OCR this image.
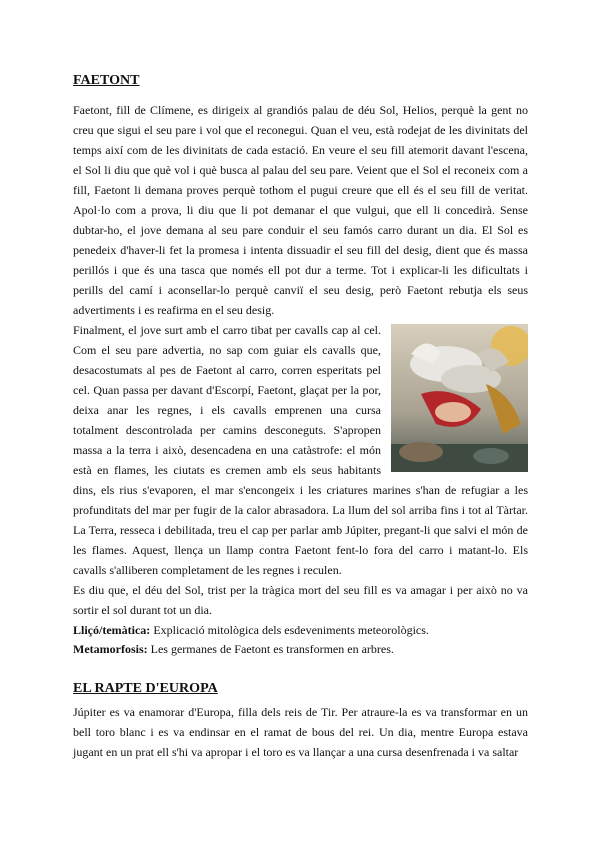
FAETONT

Faetont, fill de Clímene, es dirigeix al grandiós palau de déu Sol, Helios, perquè la gent no creu que sigui el seu pare i vol que el reconegui. Quan el veu, està rodejat de les divinitats del temps així com de les divinitats de cada estació. En veure el seu fill atemorit davant l'escena, el Sol li diu que què vol i què busca al palau del seu pare. Veient que el Sol el reconeix com a fill, Faetont li demana proves perquè tothom el pugui creure que ell és el seu fill de veritat. Apol·lo com a prova, li diu que li pot demanar el que vulgui, que ell li concedirà. Sense dubtar-ho, el jove demana al seu pare conduir el seu famós carro durant un dia. El Sol es penedeix d'haver-li fet la promesa i intenta dissuadir el seu fill del desig, dient que és massa perillós i que és una tasca que només ell pot dur a terme. Tot i explicar-li les dificultats i perills del camí i aconsellar-lo perquè canviï el seu desig, però Faetont rebutja els seus advertiments i es reafirma en el seu desig.

Finalment, el jove surt amb el carro tibat per cavalls cap al cel. Com el seu pare advertia, no sap com guiar els cavalls que, desacostumats al pes de Faetont al carro, corren esperitats pel cel. Quan passa per davant d'Escorpí, Faetont, glaçat per la por, deixa anar les regnes, i els cavalls emprenen una cursa totalment descontrolada per camins desconeguts. S'apropen massa a la terra i això, desencadena en una catàstrofe: el món està en flames, les ciutats es cremen amb els seus habitants dins, els rius s'evaporen, el mar s'encongeix i les criatures marines s'han de refugiar a les profunditats del mar per fugir de la calor abrasadora. La llum del sol arriba fins i tot al Tàrtar. La Terra, resseca i debilitada, treu el cap per parlar amb Júpiter, pregant-li que salvi el món de les flames. Aquest, llença un llamp contra Faetont fent-lo fora del carro i matant-lo. Els cavalls s'alliberen completament de les regnes i reculen.

Es diu que, el déu del Sol, trist per la tràgica mort del seu fill es va amagar i per això no va sortir el sol durant tot un dia.

Lliçó/temàtica: Explicació mitològica dels esdeveniments meteorològics.
Metamorfosis: Les germanes de Faetont es transformen en arbres.
EL RAPTE D'EUROPA

Júpiter es va enamorar d'Europa, filla dels reis de Tir. Per atraure-la es va transformar en un bell toro blanc i es va endinsar en el ramat de bous del rei. Un dia, mentre Europa estava jugant en un prat ell s'hi va apropar i el toro es va llançar a una cursa desenfrenada i va saltar
